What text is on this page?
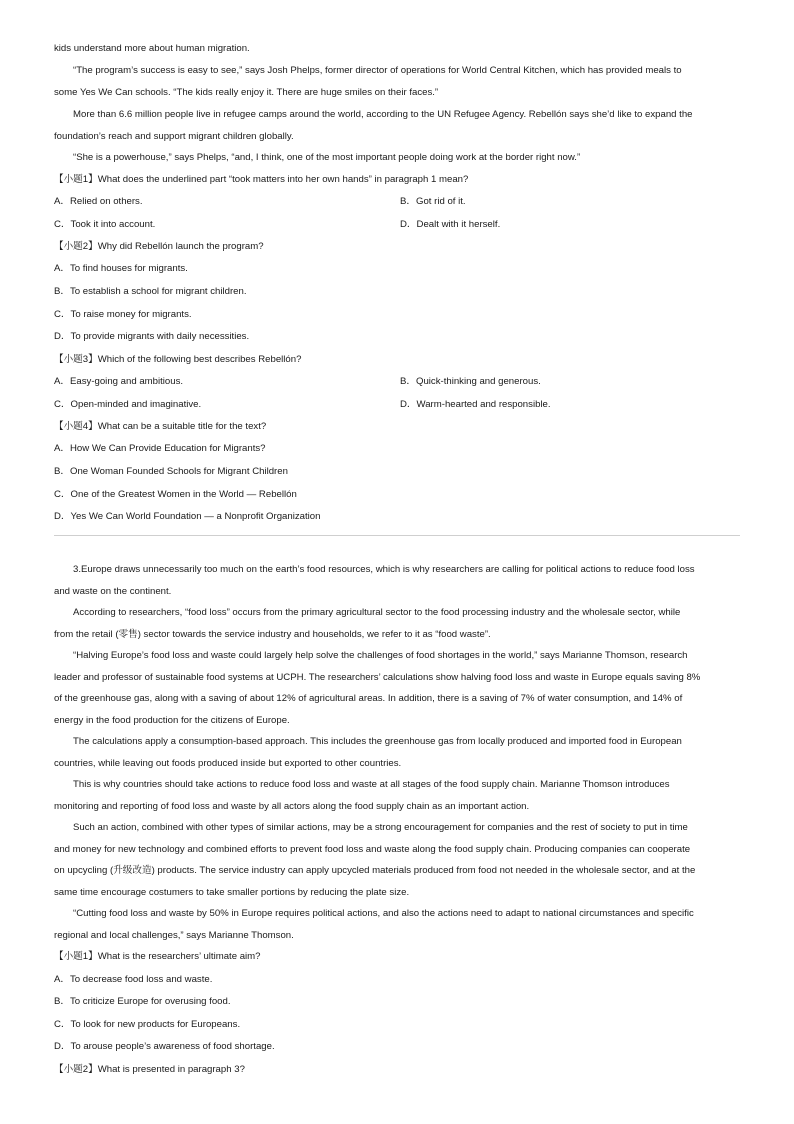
kids understand more about human migration.
“The program’s success is easy to see,” says Josh Phelps, former director of operations for World Central Kitchen, which has provided meals to
some Yes We Can schools. “The kids really enjoy it. There are huge smiles on their faces.”
More than 6.6 million people live in refugee camps around the world, according to the UN Refugee Agency. Rebellón says she’d like to expand the
foundation’s reach and support migrant children globally.
“She is a powerhouse,” says Phelps, “and, I think, one of the most important people doing work at the border right now.”
【小题1】What does the underlined part “took matters into her own hands” in paragraph 1 mean?
A．Relied on others.	B．Got rid of it.
C．Took it into account.	D．Dealt with it herself.
【小题2】Why did Rebellón launch the program?
A．To find houses for migrants.
B．To establish a school for migrant children.
C．To raise money for migrants.
D．To provide migrants with daily necessities.
【小题3】Which of the following best describes Rebellón?
A．Easy-going and ambitious.	B．Quick-thinking and generous.
C．Open-minded and imaginative.	D．Warm-hearted and responsible.
【小题4】What can be a suitable title for the text?
A．How We Can Provide Education for Migrants?
B．One Woman Founded Schools for Migrant Children
C．One of the Greatest Women in the World — Rebellón
D．Yes We Can World Foundation — a Nonprofit Organization
3.Europe draws unnecessarily too much on the earth’s food resources, which is why researchers are calling for political actions to reduce food loss
and waste on the continent.
According to researchers, “food loss” occurs from the primary agricultural sector to the food processing industry and the wholesale sector, while
from the retail (零售) sector towards the service industry and households, we refer to it as “food waste”.
“Halving Europe’s food loss and waste could largely help solve the challenges of food shortages in the world,” says Marianne Thomson, research
leader and professor of sustainable food systems at UCPH. The researchers’ calculations show halving food loss and waste in Europe equals saving 8%
of the greenhouse gas, along with a saving of about 12% of agricultural areas. In addition, there is a saving of 7% of water consumption, and 14% of
energy in the food production for the citizens of Europe.
The calculations apply a consumption-based approach. This includes the greenhouse gas from locally produced and imported food in European
countries, while leaving out foods produced inside but exported to other countries.
This is why countries should take actions to reduce food loss and waste at all stages of the food supply chain. Marianne Thomson introduces
monitoring and reporting of food loss and waste by all actors along the food supply chain as an important action.
Such an action, combined with other types of similar actions, may be a strong encouragement for companies and the rest of society to put in time
and money for new technology and combined efforts to prevent food loss and waste along the food supply chain. Producing companies can cooperate
on upcycling (升级改造) products. The service industry can apply upcycled materials produced from food not needed in the wholesale sector, and at the
same time encourage costumers to take smaller portions by reducing the plate size.
“Cutting food loss and waste by 50% in Europe requires political actions, and also the actions need to adapt to national circumstances and specific
regional and local challenges,” says Marianne Thomson.
【小题1】What is the researchers’ ultimate aim?
A．To decrease food loss and waste.
B．To criticize Europe for overusing food.
C．To look for new products for Europeans.
D．To arouse people’s awareness of food shortage.
【小题2】What is presented in paragraph 3?
